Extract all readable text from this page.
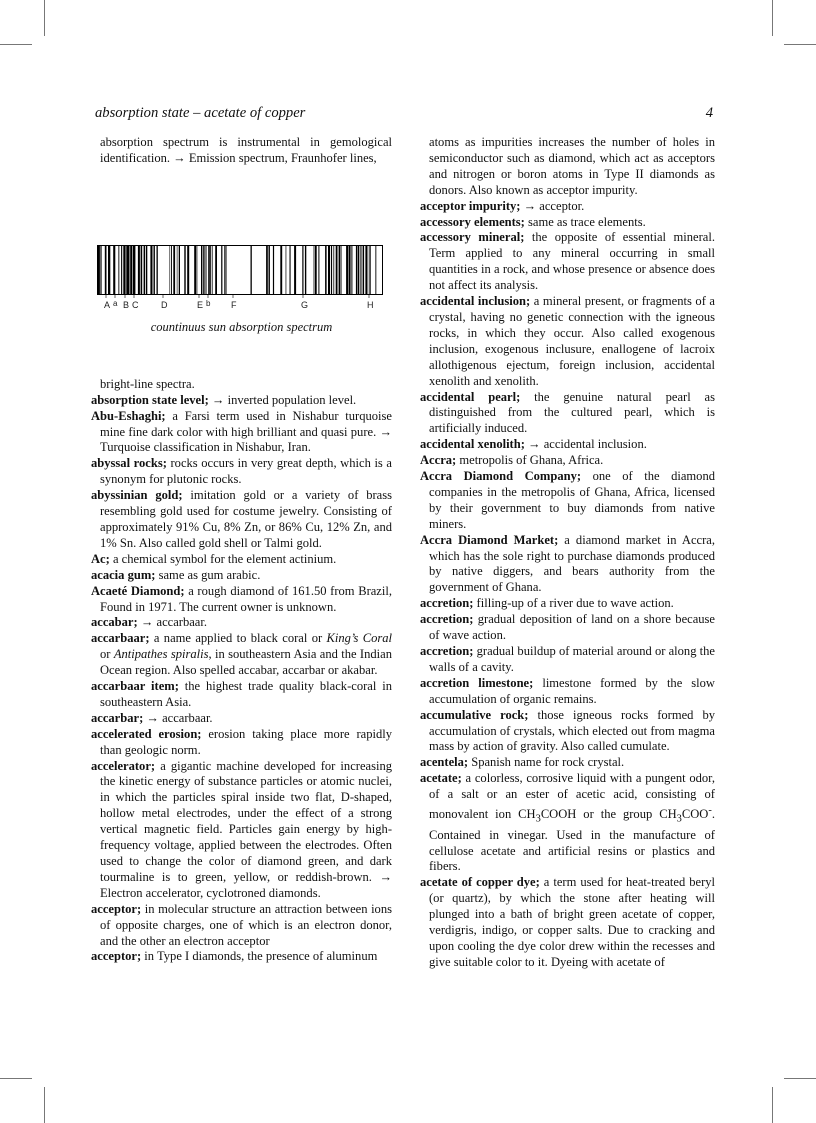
absorption state – acetate of copper	4

absorption spectrum is instrumental in gemological identification. → Emission spectrum, Fraunhofer lines,

A a B C	D	E b F	G	H
countinuus sun absorption spectrum

bright-line spectra.

absorption state level; → inverted population level.

Abu-Eshaghi; a Farsi term used in Nishabur turquoise mine fine dark color with high brilliant and quasi pure. → Turquoise classification in Nishabur, Iran.

abyssal rocks; rocks occurs in very great depth, which is a synonym for plutonic rocks.

abyssinian gold; imitation gold or a variety of brass resembling gold used for costume jewelry. Consisting of approximately 91% Cu, 8% Zn, or 86% Cu, 12% Zn, and 1% Sn. Also called gold shell or Talmi gold.

Ac; a chemical symbol for the element actinium.

acacia gum; same as gum arabic.

Acaeté Diamond; a rough diamond of 161.50 from Brazil, Found in 1971. The current owner is unknown.

accabar; → accarbaar.

accarbaar; a name applied to black coral or King’s Coral or Antipathes spiralis, in southeastern Asia and the Indian Ocean region. Also spelled accabar, accarbar or akabar.

accarbaar item; the highest trade quality black-coral in southeastern Asia.

accarbar; → accarbaar.

accelerated erosion; erosion taking place more rapidly than geologic norm.

accelerator; a gigantic machine developed for increasing the kinetic energy of substance particles or atomic nuclei, in which the particles spiral inside two flat, D-shaped, hollow metal electrodes, under the effect of a strong vertical magnetic field. Particles gain energy by high-frequency voltage, applied between the electrodes. Often used to change the color of diamond green, and dark tourmaline is to green, yellow, or reddish-brown. → Electron accelerator, cyclotroned diamonds.

acceptor; in molecular structure an attraction between ions of opposite charges, one of which is an electron donor, and the other an electron acceptor

acceptor; in Type I diamonds, the presence of aluminum

atoms as impurities increases the number of holes in semiconductor such as diamond, which act as acceptors and nitrogen or boron atoms in Type II diamonds as donors. Also known as acceptor impurity.

acceptor impurity; → acceptor.

accessory elements; same as trace elements.

accessory mineral; the opposite of essential mineral. Term applied to any mineral occurring in small quantities in a rock, and whose presence or absence does not affect its analysis.

accidental inclusion; a mineral present, or fragments of a crystal, having no genetic connection with the igneous rocks, in which they occur. Also called exogenous inclusion, exogenous inclusure, enallogene of lacroix allothigenous ejectum, foreign inclusion, accidental xenolith and xenolith.

accidental pearl; the genuine natural pearl as distinguished from the cultured pearl, which is artificially induced.

accidental xenolith; → accidental inclusion.

Accra; metropolis of Ghana, Africa.

Accra Diamond Company; one of the diamond companies in the metropolis of Ghana, Africa, licensed by their government to buy diamonds from native miners.

Accra Diamond Market; a diamond market in Accra, which has the sole right to purchase diamonds produced by native diggers, and bears authority from the government of Ghana.

accretion; filling-up of a river due to wave action.

accretion; gradual deposition of land on a shore because of wave action.

accretion; gradual buildup of material around or along the walls of a cavity.

accretion limestone; limestone formed by the slow accumulation of organic remains.

accumulative rock; those igneous rocks formed by accumulation of crystals, which elected out from magma mass by action of gravity. Also called cumulate.

acentela; Spanish name for rock crystal.

acetate; a colorless, corrosive liquid with a pungent odor, of a salt or an ester of acetic acid, consisting of monovalent ion $CH_3COOH$ or the group $CH_3COO^-$. Contained in vinegar. Used in the manufacture of cellulose acetate and artificial resins or plastics and fibers.

acetate of copper dye; a term used for heat-treated beryl (or quartz), by which the stone after heating will plunged into a bath of bright green acetate of copper, verdigris, indigo, or copper salts. Due to cracking and upon cooling the dye color drew within the recesses and give suitable color to it. Dyeing with acetate of
